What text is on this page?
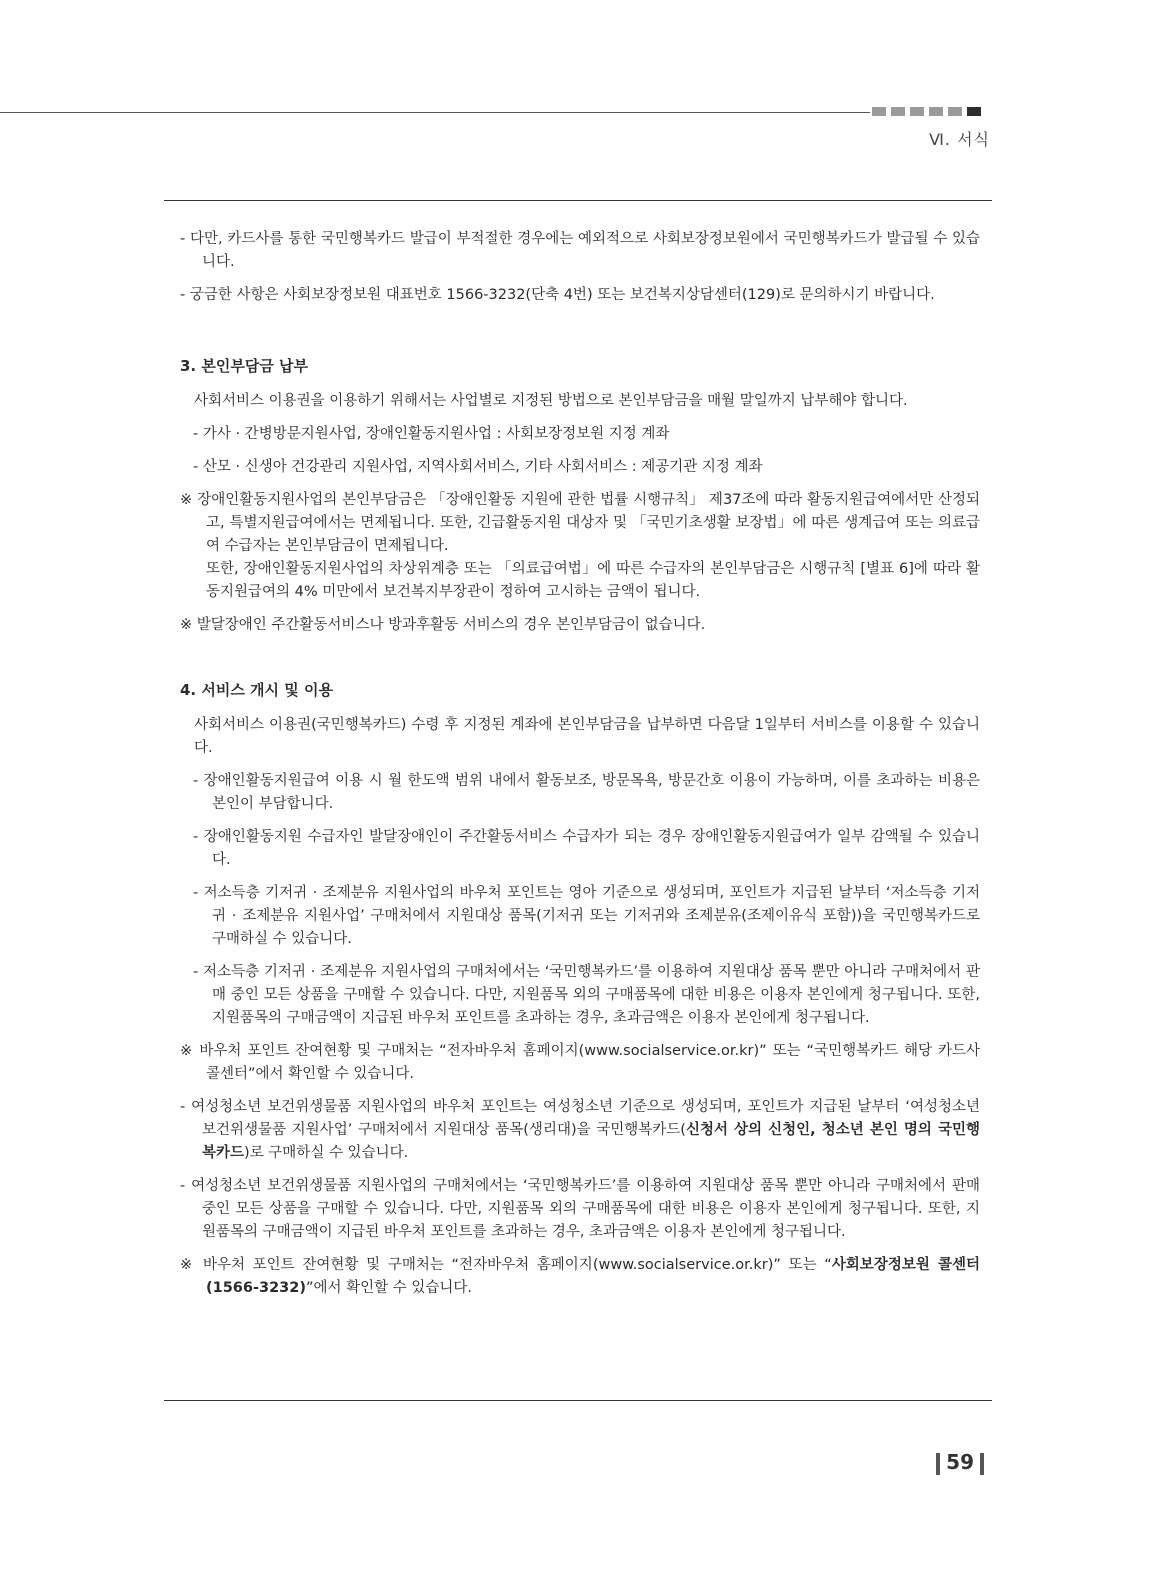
Ⅵ. 서식

- 다만, 카드사를 통한 국민행복카드 발급이 부적절한 경우에는 예외적으로 사회보장정보원에서 국민행복카드가 발급될 수 있습니다.

- 궁금한 사항은 사회보장정보원 대표번호 1566-3232(단축 4번) 또는 보건복지상담센터(129)로 문의하시기 바랍니다.

3. 본인부담금 납부

사회서비스 이용권을 이용하기 위해서는 사업별로 지정된 방법으로 본인부담금을 매월 말일까지 납부해야 합니다.

- 가사 · 간병방문지원사업, 장애인활동지원사업 : 사회보장정보원 지정 계좌

- 산모 · 신생아 건강관리 지원사업, 지역사회서비스, 기타 사회서비스 : 제공기관 지정 계좌

※ 장애인활동지원사업의 본인부담금은 「장애인활동 지원에 관한 법률 시행규칙」 제37조에 따라 활동지원급여에서만 산정되고, 특별지원급여에서는 면제됩니다. 또한, 긴급활동지원 대상자 및 「국민기초생활 보장법」에 따른 생계급여 또는 의료급여 수급자는 본인부담금이 면제됩니다.

또한, 장애인활동지원사업의 차상위계층 또는 「의료급여법」에 따른 수급자의 본인부담금은 시행규칙 [별표 6]에 따라 활동지원급여의 4% 미만에서 보건복지부장관이 정하여 고시하는 금액이 됩니다.

※ 발달장애인 주간활동서비스나 방과후활동 서비스의 경우 본인부담금이 없습니다.

4. 서비스 개시 및 이용

사회서비스 이용권(국민행복카드) 수령 후 지정된 계좌에 본인부담금을 납부하면 다음달 1일부터 서비스를 이용할 수 있습니다.

- 장애인활동지원급여 이용 시 월 한도액 범위 내에서 활동보조, 방문목욕, 방문간호 이용이 가능하며, 이를 초과하는 비용은 본인이 부담합니다.

- 장애인활동지원 수급자인 발달장애인이 주간활동서비스 수급자가 되는 경우 장애인활동지원급여가 일부 감액될 수 있습니다.

- 저소득층 기저귀 · 조제분유 지원사업의 바우처 포인트는 영아 기준으로 생성되며, 포인트가 지급된 날부터 ‘저소득층 기저귀 · 조제분유 지원사업’ 구매처에서 지원대상 품목(기저귀 또는 기저귀와 조제분유(조제이유식 포함))을 국민행복카드로 구매하실 수 있습니다.

- 저소득층 기저귀 · 조제분유 지원사업의 구매처에서는 ‘국민행복카드’를 이용하여 지원대상 품목 뿐만 아니라 구매처에서 판매 중인 모든 상품을 구매할 수 있습니다. 다만, 지원품목 외의 구매품목에 대한 비용은 이용자 본인에게 청구됩니다. 또한, 지원품목의 구매금액이 지급된 바우처 포인트를 초과하는 경우, 초과금액은 이용자 본인에게 청구됩니다.

※ 바우처 포인트 잔여현황 및 구매처는 “전자바우처 홈페이지(www.socialservice.or.kr)” 또는 “국민행복카드 해당 카드사 콜센터”에서 확인할 수 있습니다.

- 여성청소년 보건위생물품 지원사업의 바우처 포인트는 여성청소년 기준으로 생성되며, 포인트가 지급된 날부터 ‘여성청소년 보건위생물품 지원사업’ 구매처에서 지원대상 품목(생리대)을 국민행복카드(신청서 상의 신청인, 청소년 본인 명의 국민행복카드)로 구매하실 수 있습니다.

- 여성청소년 보건위생물품 지원사업의 구매처에서는 ‘국민행복카드’를 이용하여 지원대상 품목 뿐만 아니라 구매처에서 판매 중인 모든 상품을 구매할 수 있습니다. 다만, 지원품목 외의 구매품목에 대한 비용은 이용자 본인에게 청구됩니다. 또한, 지원품목의 구매금액이 지급된 바우처 포인트를 초과하는 경우, 초과금액은 이용자 본인에게 청구됩니다.

※ 바우처 포인트 잔여현황 및 구매처는 “전자바우처 홈페이지(www.socialservice.or.kr)” 또는 “사회보장정보원 콜센터 (1566-3232)”에서 확인할 수 있습니다.

59
